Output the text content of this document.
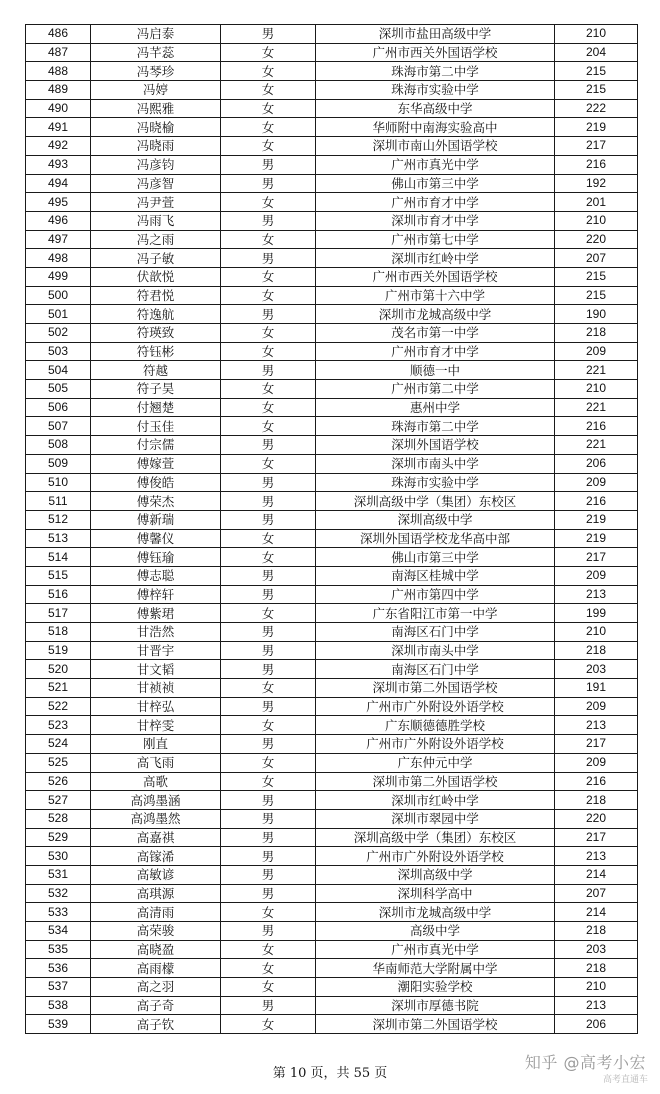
486	冯启泰	男	深圳市盐田高级中学	210
487	冯芊蕊	女	广州市西关外国语学校	204
488	冯琴珍	女	珠海市第二中学	215
489	冯婷	女	珠海市实验中学	215
490	冯熙雅	女	东华高级中学	222
491	冯晓榆	女	华师附中南海实验高中	219
492	冯晓雨	女	深圳市南山外国语学校	217
493	冯彦钧	男	广州市真光中学	216
494	冯彦智	男	佛山市第三中学	192
495	冯尹萱	女	广州市育才中学	201
496	冯雨飞	男	深圳市育才中学	210
497	冯之雨	女	广州市第七中学	220
498	冯子敏	男	深圳市红岭中学	207
499	伏歆悦	女	广州市西关外国语学校	215
500	符君悦	女	广州市第十六中学	215
501	符逸航	男	深圳市龙城高级中学	190
502	符瑛致	女	茂名市第一中学	218
503	符钰彬	女	广州市育才中学	209
504	符越	男	顺德一中	221
505	符子昊	女	广州市第二中学	210
506	付翘楚	女	惠州中学	221
507	付玉佳	女	珠海市第二中学	216
508	付宗儒	男	深圳外国语学校	221
509	傅嫁萱	女	深圳市南头中学	206
510	傅俊皓	男	珠海市实验中学	209
511	傅荣杰	男	深圳高级中学（集团）东校区	216
512	傅新瑞	男	深圳高级中学	219
513	傅馨仪	女	深圳外国语学校龙华高中部	219
514	傅钰瑜	女	佛山市第三中学	217
515	傅志聪	男	南海区桂城中学	209
516	傅梓轩	男	广州市第四中学	213
517	傅紫珺	女	广东省阳江市第一中学	199
518	甘浩然	男	南海区石门中学	210
519	甘晋宇	男	深圳市南头中学	218
520	甘文韬	男	南海区石门中学	203
521	甘祯祯	女	深圳市第二外国语学校	191
522	甘梓弘	男	广州市广外附设外语学校	209
523	甘梓雯	女	广东顺德德胜学校	213
524	刚直	男	广州市广外附设外语学校	217
525	高飞雨	女	广东仲元中学	209
526	高歌	女	深圳市第二外国语学校	216
527	高鸿墨涵	男	深圳市红岭中学	218
528	高鸿墨然	男	深圳市翠园中学	220
529	高嘉祺	男	深圳高级中学（集团）东校区	217
530	高镓浠	男	广州市广外附设外语学校	213
531	高敏谚	男	深圳高级中学	214
532	高琪源	男	深圳科学高中	207
533	高清雨	女	深圳市龙城高级中学	214
534	高荣骏	男	高级中学	218
535	高晓盈	女	广州市真光中学	203
536	高雨檬	女	华南师范大学附属中学	218
537	高之羽	女	潮阳实验学校	210
538	高子奇	男	深圳市厚德书院	213
539	高子钦	女	深圳市第二外国语学校	206
第 10 页，共 55 页
知乎 @高考小宏
高考直通车
